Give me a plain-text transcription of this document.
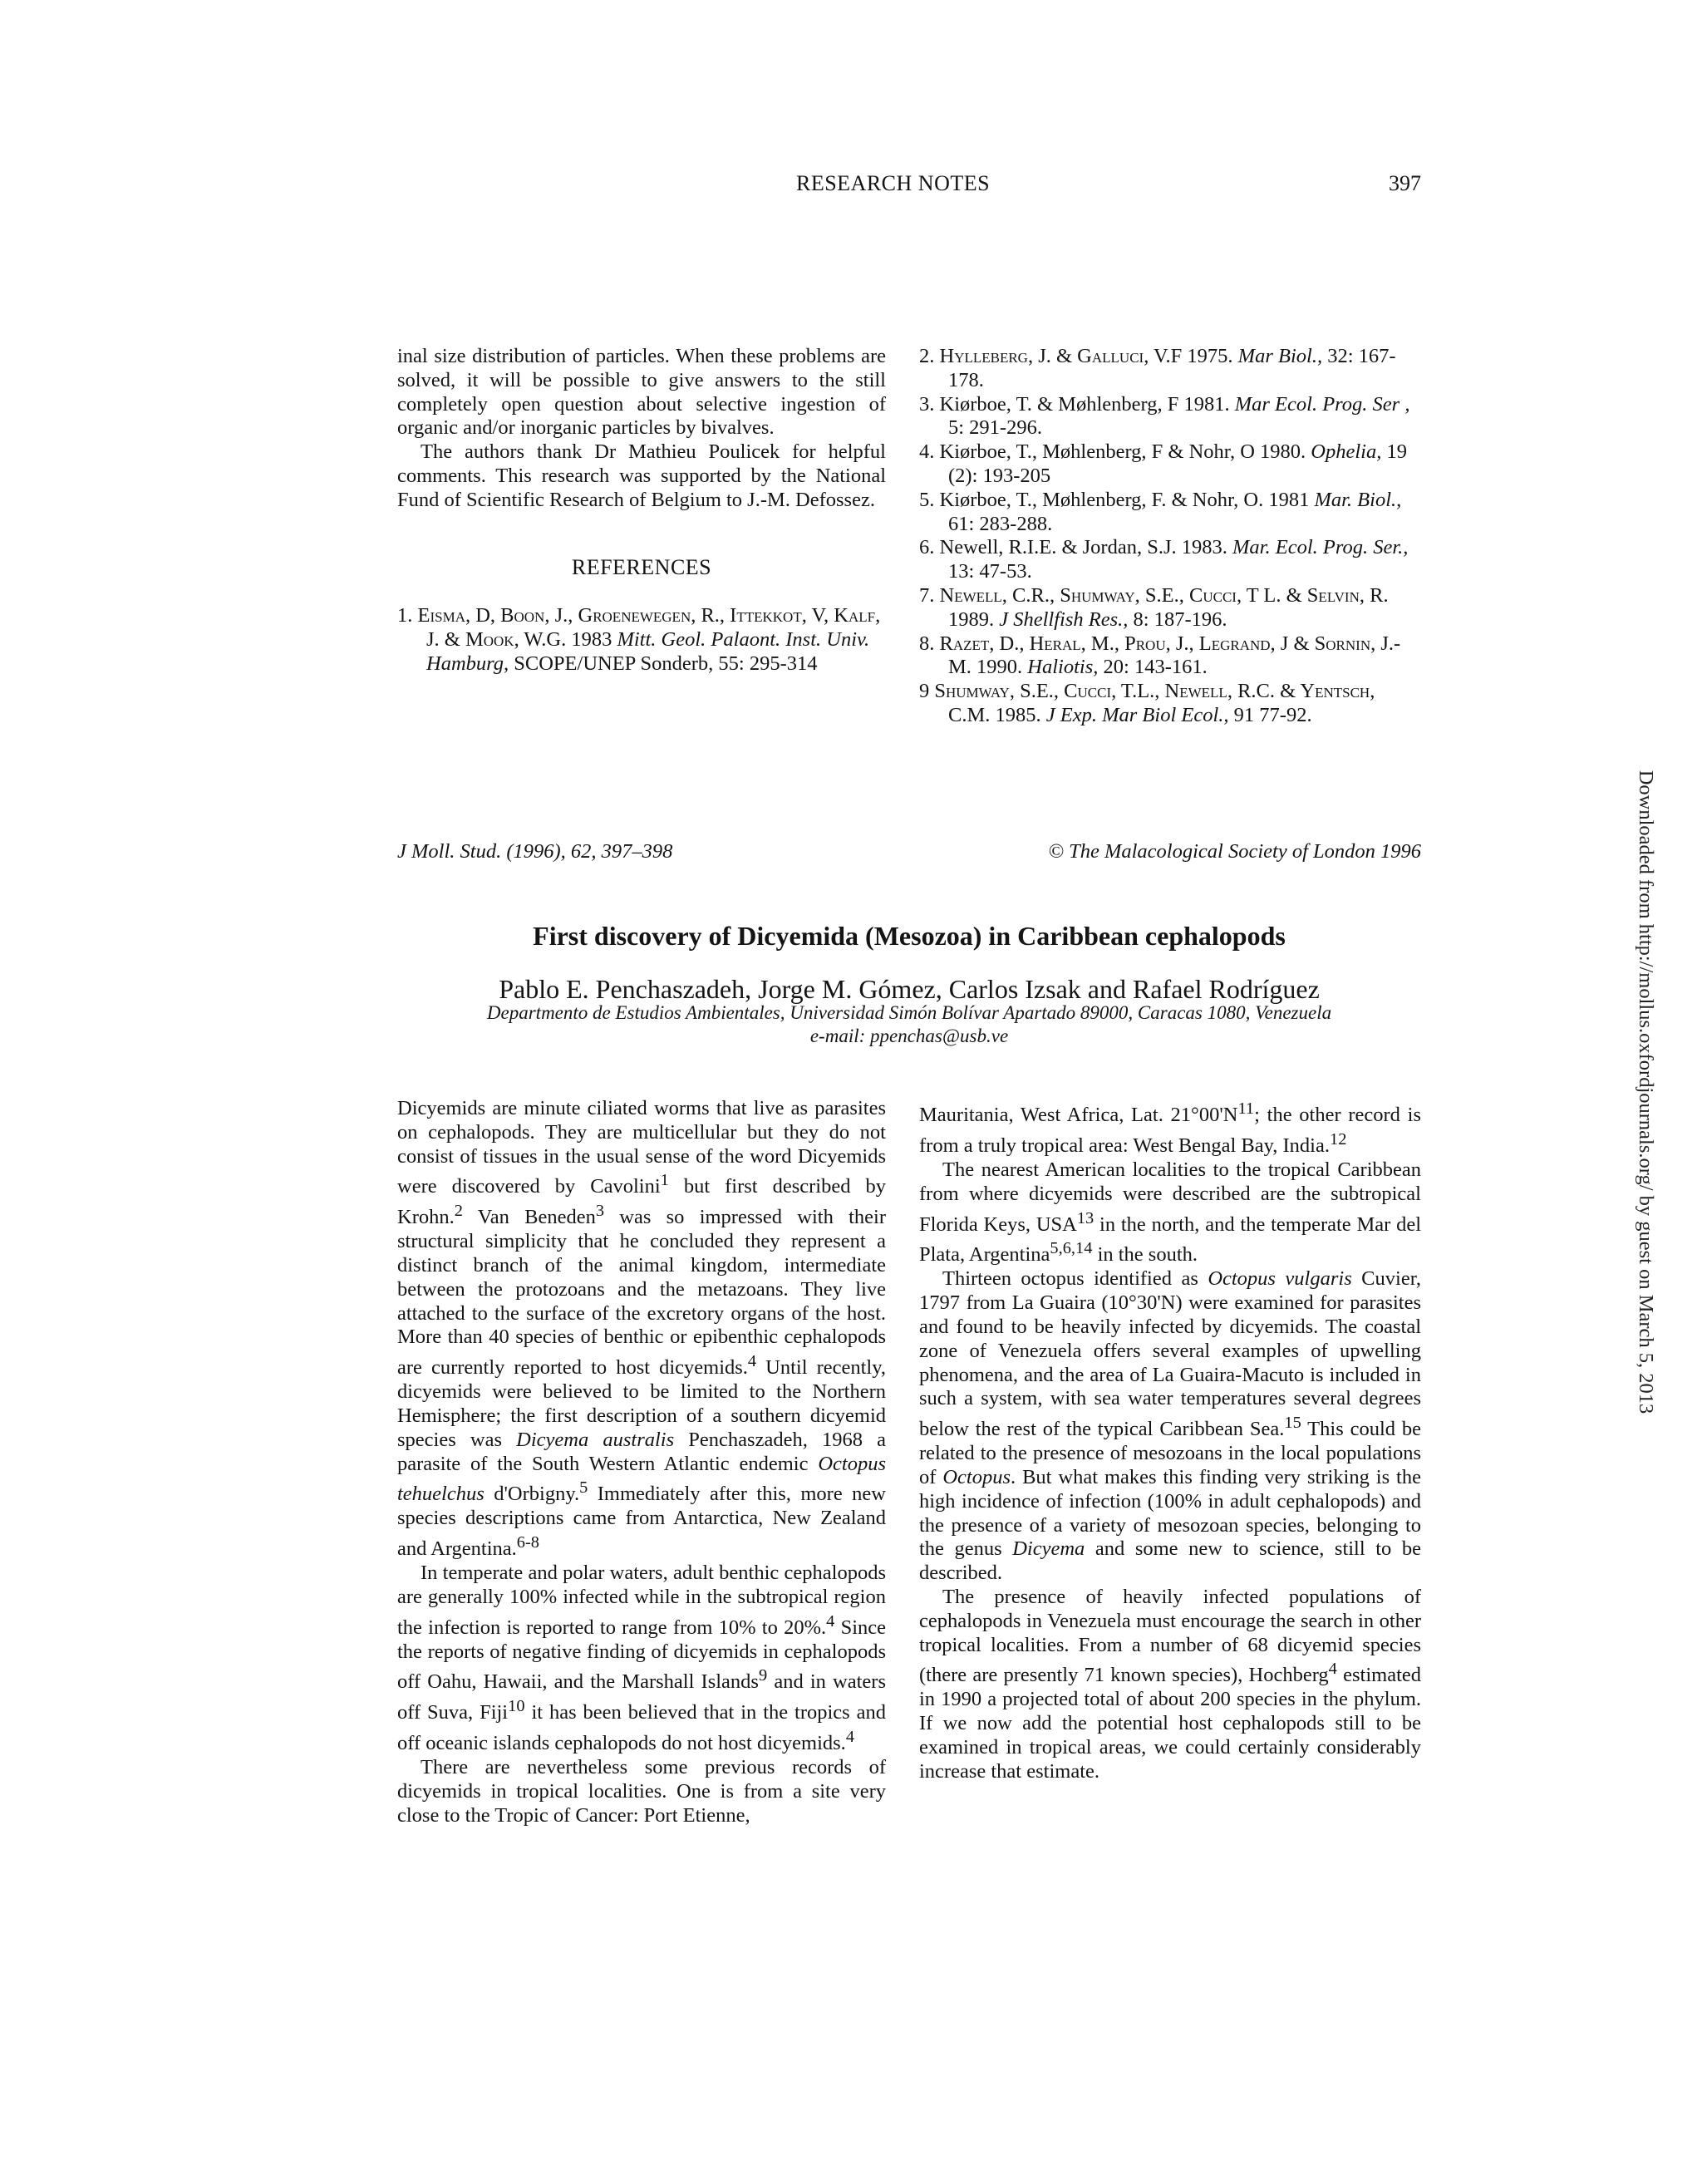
RESEARCH NOTES	397

inal size distribution of particles. When these problems are solved, it will be possible to give answers to the still completely open question about selective ingestion of organic and/or inorganic particles by bivalves.

The authors thank Dr Mathieu Poulicek for helpful comments. This research was supported by the National Fund of Scientific Research of Belgium to J.-M. Defossez.

REFERENCES

1. Eisma, D, Boon, J., Groenewegen, R., Ittekkot, V, Kalf, J. & Mook, W.G. 1983 Mitt. Geol. Palaont. Inst. Univ. Hamburg, SCOPE/UNEP Sonderb, 55: 295-314

2. Hylleberg, J. & Galluci, V.F 1975. Mar Biol., 32: 167-178.

3. Kiørboe, T. & Møhlenberg, F 1981. Mar Ecol. Prog. Ser , 5: 291-296.

4. Kiørboe, T., Møhlenberg, F & Nohr, O 1980. Ophelia, 19 (2): 193-205

5. Kiørboe, T., Møhlenberg, F. & Nohr, O. 1981 Mar. Biol., 61: 283-288.

6. Newell, R.I.E. & Jordan, S.J. 1983. Mar. Ecol. Prog. Ser., 13: 47-53.

7. Newell, C.R., Shumway, S.E., Cucci, T L. & Selvin, R. 1989. J Shellfish Res., 8: 187-196.

8. Razet, D., Heral, M., Prou, J., Legrand, J & Sornin, J.-M. 1990. Haliotis, 20: 143-161.

9 Shumway, S.E., Cucci, T.L., Newell, R.C. & Yentsch, C.M. 1985. J Exp. Mar Biol Ecol., 91 77-92.

J Moll. Stud. (1996), 62, 397–398	© The Malacological Society of London 1996
First discovery of Dicyemida (Mesozoa) in Caribbean cephalopods
Pablo E. Penchaszadeh, Jorge M. Gómez, Carlos Izsak and Rafael Rodríguez
Departmento de Estudios Ambientales, Universidad Simón Bolívar Apartado 89000, Caracas 1080, Venezuela
e-mail: ppenchas@usb.ve

Dicyemids are minute ciliated worms that live as parasites on cephalopods. They are multicellular but they do not consist of tissues in the usual sense of the word Dicyemids were discovered by Cavolini$^1$ but first described by Krohn.$^2$ Van Beneden$^3$ was so impressed with their structural simplicity that he concluded they represent a distinct branch of the animal kingdom, intermediate between the protozoans and the metazoans. They live attached to the surface of the excretory organs of the host. More than 40 species of benthic or epibenthic cephalopods are currently reported to host dicyemids.$^4$ Until recently, dicyemids were believed to be limited to the Northern Hemisphere; the first description of a southern dicyemid species was Dicyema australis Penchaszadeh, 1968 a parasite of the South Western Atlantic endemic Octopus tehuelchus d'Orbigny.$^5$ Immediately after this, more new species descriptions came from Antarctica, New Zealand and Argentina.$^{6-8}$

In temperate and polar waters, adult benthic cephalopods are generally 100% infected while in the subtropical region the infection is reported to range from 10% to 20%.$^4$ Since the reports of negative finding of dicyemids in cephalopods off Oahu, Hawaii, and the Marshall Islands$^9$ and in waters off Suva, Fiji$^{10}$ it has been believed that in the tropics and off oceanic islands cephalopods do not host dicyemids.$^4$

There are nevertheless some previous records of dicyemids in tropical localities. One is from a site very close to the Tropic of Cancer: Port Etienne,

Mauritania, West Africa, Lat. $21^\circ 00'N^{11}$; the other record is from a truly tropical area: West Bengal Bay, India.$^{12}$

The nearest American localities to the tropical Caribbean from where dicyemids were described are the subtropical Florida Keys, USA$^{13}$ in the north, and the temperate Mar del Plata, Argentina$^{5,6,14}$ in the south.

Thirteen octopus identified as Octopus vulgaris Cuvier, 1797 from La Guaira (10°30'N) were examined for parasites and found to be heavily infected by dicyemids. The coastal zone of Venezuela offers several examples of upwelling phenomena, and the area of La Guaira-Macuto is included in such a system, with sea water temperatures several degrees below the rest of the typical Caribbean Sea.$^{15}$ This could be related to the presence of mesozoans in the local populations of Octopus. But what makes this finding very striking is the high incidence of infection (100% in adult cephalopods) and the presence of a variety of mesozoan species, belonging to the genus Dicyema and some new to science, still to be described.

The presence of heavily infected populations of cephalopods in Venezuela must encourage the search in other tropical localities. From a number of 68 dicyemid species (there are presently 71 known species), Hochberg$^4$ estimated in 1990 a projected total of about 200 species in the phylum. If we now add the potential host cephalopods still to be examined in tropical areas, we could certainly considerably increase that estimate.

Downloaded from http://mollus.oxfordjournals.org/ by guest on March 5, 2013
